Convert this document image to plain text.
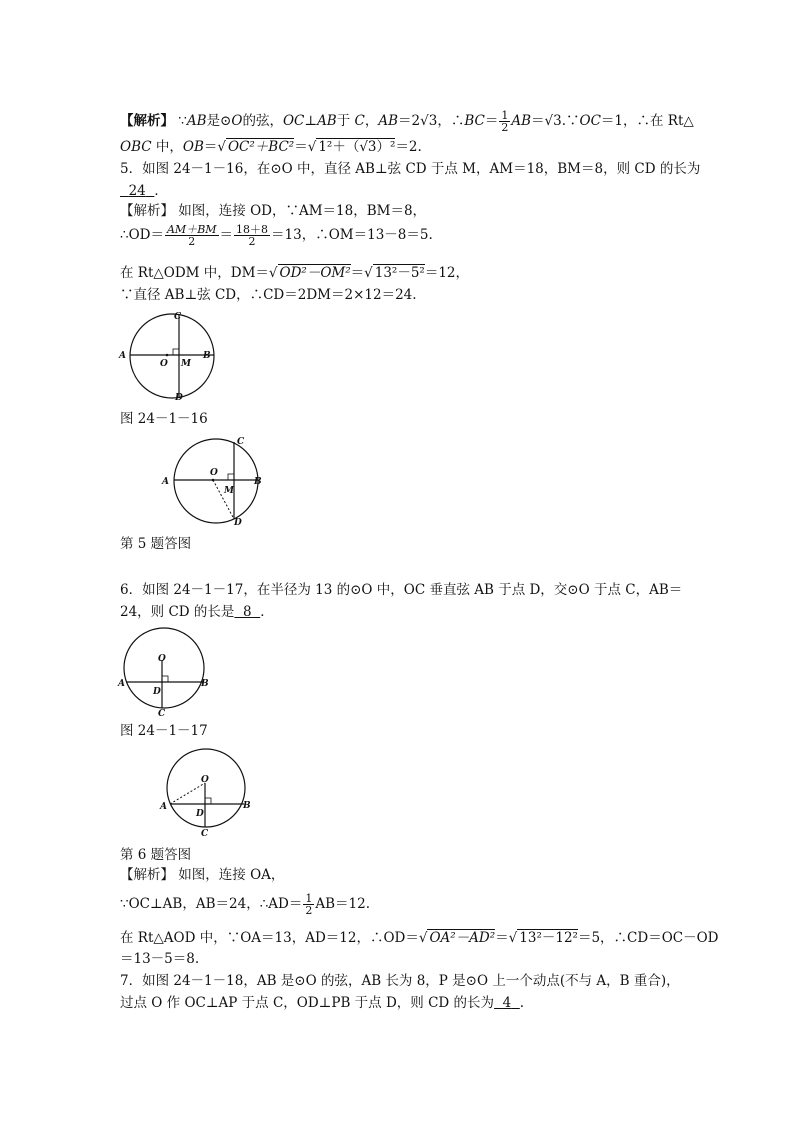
【解析】 ∵AB是⊙O的弦，OC⊥AB于 C，AB＝2√3，∴BC＝ $\frac{1}{2}$ AB＝√3.∵OC＝1，∴在 Rt△
OBC 中，OB＝√ OC²＋BC²＝√ 1²＋（√3）²＝2.
5．如图 24－1－16，在⊙O 中，直径 AB⊥弦 CD 于点 M，AM＝18，BM＝8，则 CD 的长为
24 ．
【解析】 如图，连接 OD，∵AM＝18，BM＝8，
∴OD＝ $\frac{AM+BM}{2} = \frac{18+8}{2} =13$，∴OM＝13－8＝5.
在 Rt△ODM 中，DM＝√ OD²－OM²＝√ 13²－5²＝12，
∵直径 AB⊥弦 CD，∴CD＝2DM＝2×12＝24.
A	B
C
D
O M
图 24－1－16
A	B
C
D
O
M
第 5 题答图
6．如图 24－1－17，在半径为 13 的⊙O 中，OC 垂直弦 AB 于点 D，交⊙O 于点 C，AB＝
24，则 CD 的长是 8 ．
O
A	B
D
C
图 24－1－17
O
A	B
D
C
第 6 题答图
【解析】 如图，连接 OA，
∵OC⊥AB，AB＝24，∴AD＝ $\frac{1}{2} AB=12$.
在 Rt△AOD 中，∵OA＝13，AD＝12，∴OD＝√ OA²－AD²＝√ 13²－12²＝5，∴CD＝OC－OD
＝13－5＝8.
7．如图 24－1－18，AB 是⊙O 的弦，AB 长为 8，P 是⊙O 上一个动点(不与 A，B 重合)，
过点 O 作 OC⊥AP 于点 C，OD⊥PB 于点 D，则 CD 的长为 4 .
